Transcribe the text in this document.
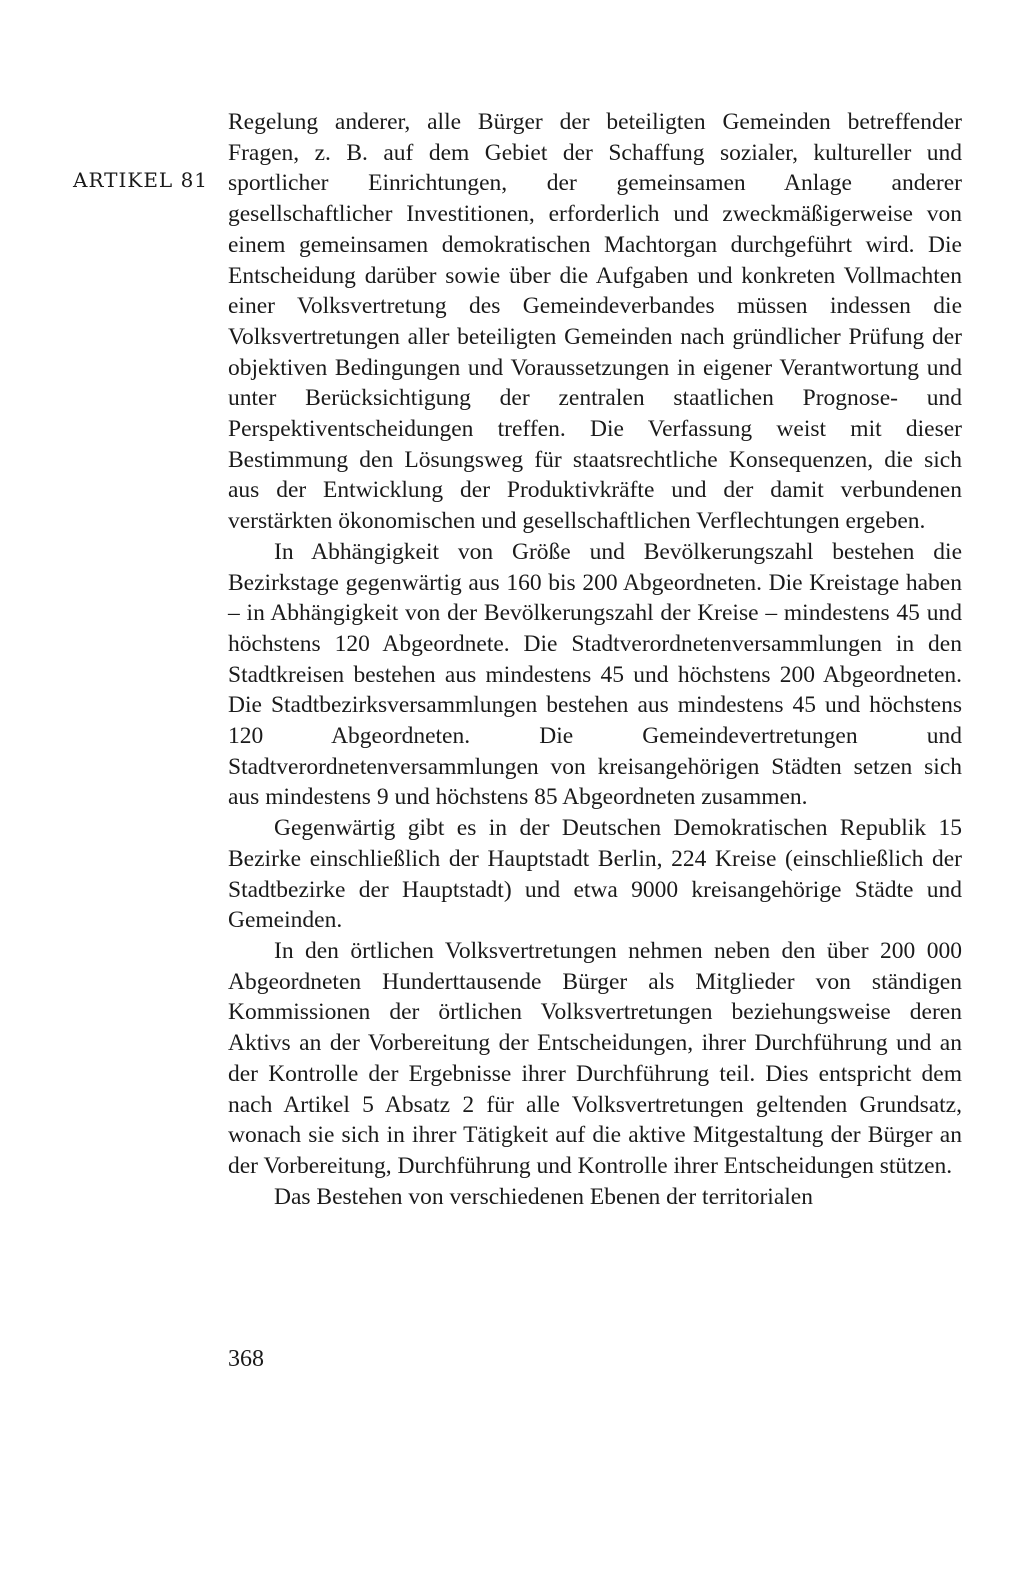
ARTIKEL 81

Regelung anderer, alle Bürger der beteiligten Gemeinden betreffender Fragen, z. B. auf dem Gebiet der Schaffung sozialer, kultureller und sportlicher Einrichtungen, der gemeinsamen Anlage anderer gesellschaftlicher Investitionen, erforderlich und zweckmäßigerweise von einem gemeinsamen demokratischen Machtorgan durchgeführt wird. Die Entscheidung darüber sowie über die Aufgaben und konkreten Vollmachten einer Volksvertretung des Gemeindeverbandes müssen indessen die Volksvertretungen aller beteiligten Gemeinden nach gründlicher Prüfung der objektiven Bedingungen und Voraussetzungen in eigener Verantwortung und unter Berücksichtigung der zentralen staatlichen Prognose- und Perspektiventscheidungen treffen. Die Verfassung weist mit dieser Bestimmung den Lösungsweg für staatsrechtliche Konsequenzen, die sich aus der Entwicklung der Produktivkräfte und der damit verbundenen verstärkten ökonomischen und gesellschaftlichen Verflechtungen ergeben.

In Abhängigkeit von Größe und Bevölkerungszahl bestehen die Bezirkstage gegenwärtig aus 160 bis 200 Abgeordneten. Die Kreistage haben – in Abhängigkeit von der Bevölkerungszahl der Kreise – mindestens 45 und höchstens 120 Abgeordnete. Die Stadtverordnetenversammlungen in den Stadtkreisen bestehen aus mindestens 45 und höchstens 200 Abgeordneten. Die Stadtbezirksversammlungen bestehen aus mindestens 45 und höchstens 120 Abgeordneten. Die Gemeindevertretungen und Stadtverordnetenversammlungen von kreisangehörigen Städten setzen sich aus mindestens 9 und höchstens 85 Abgeordneten zusammen.

Gegenwärtig gibt es in der Deutschen Demokratischen Republik 15 Bezirke einschließlich der Hauptstadt Berlin, 224 Kreise (einschließlich der Stadtbezirke der Hauptstadt) und etwa 9000 kreisangehörige Städte und Gemeinden.

In den örtlichen Volksvertretungen nehmen neben den über 200 000 Abgeordneten Hunderttausende Bürger als Mitglieder von ständigen Kommissionen der örtlichen Volksvertretungen beziehungsweise deren Aktivs an der Vorbereitung der Entscheidungen, ihrer Durchführung und an der Kontrolle der Ergebnisse ihrer Durchführung teil. Dies entspricht dem nach Artikel 5 Absatz 2 für alle Volksvertretungen geltenden Grundsatz, wonach sie sich in ihrer Tätigkeit auf die aktive Mitgestaltung der Bürger an der Vorbereitung, Durchführung und Kontrolle ihrer Entscheidungen stützen.

Das Bestehen von verschiedenen Ebenen der territorialen

368
